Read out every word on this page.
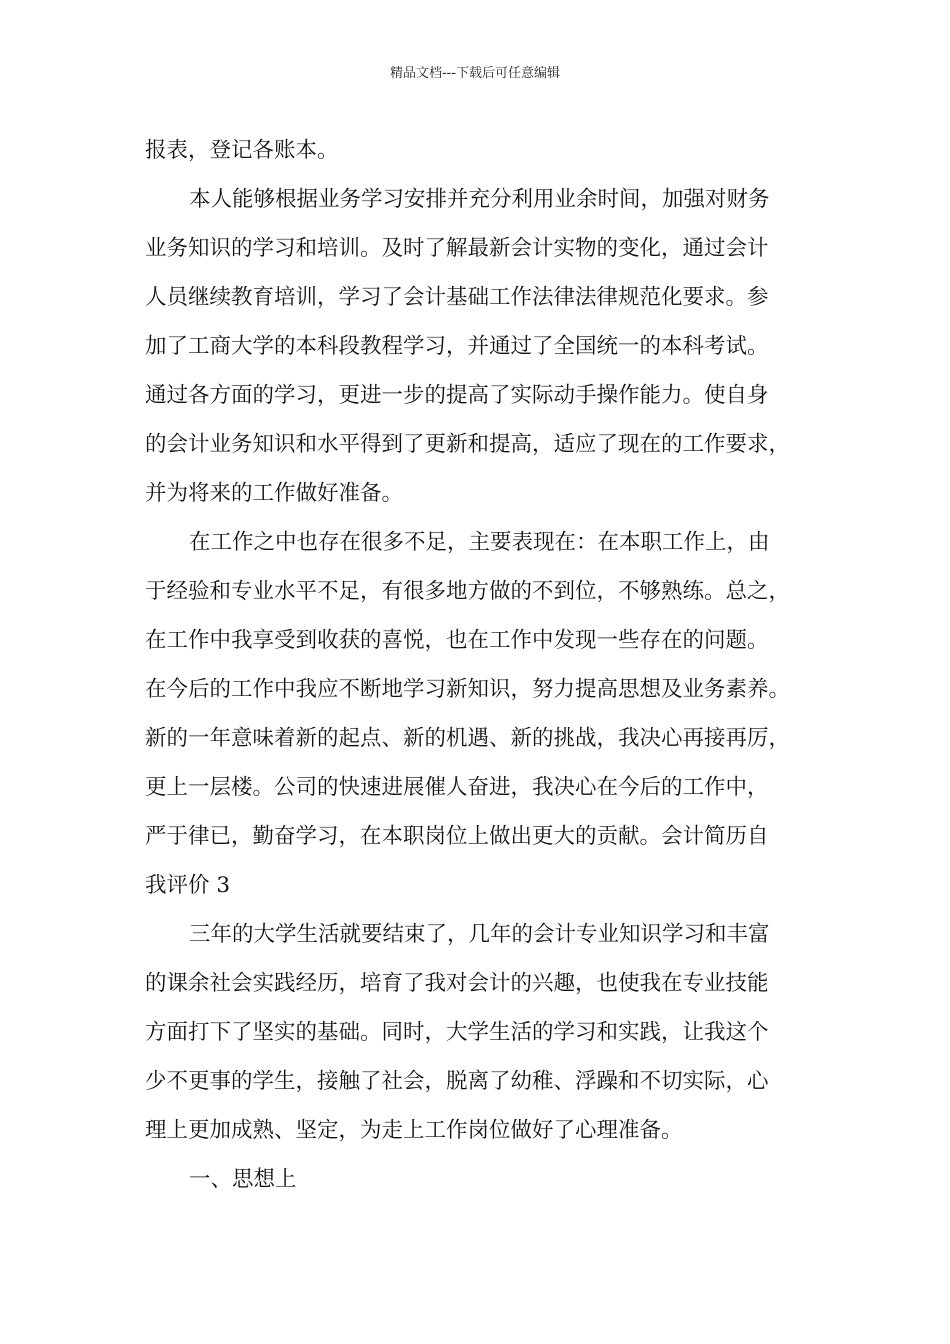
精品文档---下载后可任意编辑
报表，登记各账本。
本人能够根据业务学习安排并充分利用业余时间，加强对财务
业务知识的学习和培训。及时了解最新会计实物的变化，通过会计
人员继续教育培训，学习了会计基础工作法律法律规范化要求。参
加了工商大学的本科段教程学习，并通过了全国统一的本科考试。
通过各方面的学习，更进一步的提高了实际动手操作能力。使自身
的会计业务知识和水平得到了更新和提高，适应了现在的工作要求，
并为将来的工作做好准备。
在工作之中也存在很多不足，主要表现在：在本职工作上，由
于经验和专业水平不足，有很多地方做的不到位，不够熟练。总之，
在工作中我享受到收获的喜悦，也在工作中发现一些存在的问题。
在今后的工作中我应不断地学习新知识，努力提高思想及业务素养。
新的一年意味着新的起点、新的机遇、新的挑战，我决心再接再厉，
更上一层楼。公司的快速进展催人奋进，我决心在今后的工作中，
严于律已，勤奋学习，在本职岗位上做出更大的贡献。会计简历自
我评价 3
三年的大学生活就要结束了，几年的会计专业知识学习和丰富
的课余社会实践经历，培育了我对会计的兴趣，也使我在专业技能
方面打下了坚实的基础。同时，大学生活的学习和实践，让我这个
少不更事的学生，接触了社会，脱离了幼稚、浮躁和不切实际，心
理上更加成熟、坚定，为走上工作岗位做好了心理准备。
一、思想上
